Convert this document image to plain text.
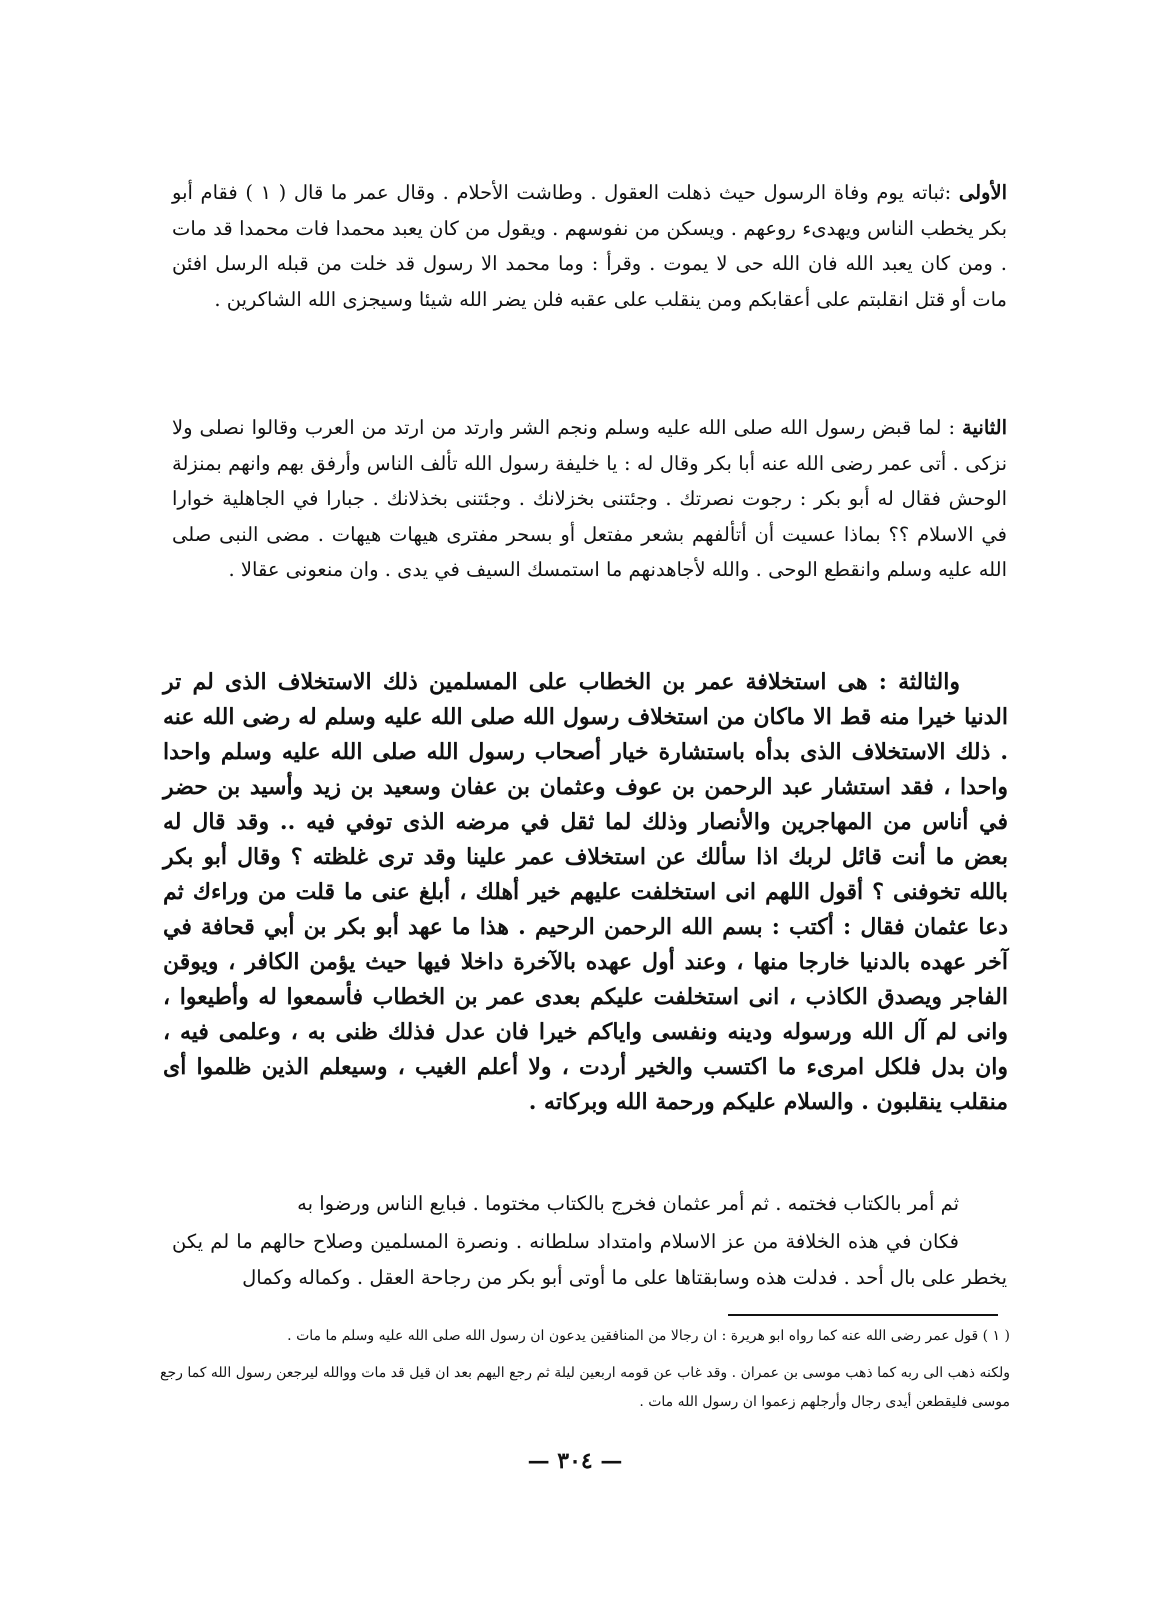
الأولى :ثباته يوم وفاة الرسول حيث ذهلت العقول . وطاشت الأحلام . وقال عمر ما قال ( ١ ) فقام أبو بكر يخطب الناس ويهدىء روعهم . ويسكن من نفوسهم . ويقول من كان يعبد محمدا فات محمدا قد مات . ومن كان يعبد الله فان الله حى لا يموت . وقرأ : وما محمد الا رسول قد خلت من قبله الرسل افئن مات أو قتل انقلبتم على أعقابكم ومن ينقلب على عقبه فلن يضر الله شيئا وسيجزى الله الشاكرين .
الثانية : لما قبض رسول الله صلى الله عليه وسلم ونجم الشر وارتد من ارتد من العرب وقالوا نصلى ولا نزكى . أتى عمر رضى الله عنه أبا بكر وقال له : يا خليفة رسول الله تألف الناس وأرفق بهم وانهم بمنزلة الوحش فقال له أبو بكر : رجوت نصرتك . وجئتنى بخزلانك . وجئتنى بخذلانك . جبارا في الجاهلية خوارا في الاسلام ؟؟ بماذا عسيت أن أتألفهم بشعر مفتعل أو بسحر مفترى هيهات هيهات . مضى النبى صلى الله عليه وسلم وانقطع الوحى . والله لأجاهدنهم ما استمسك السيف في يدى . وان منعونى عقالا .
والثالثة : هى استخلافة عمر بن الخطاب على المسلمين ذلك الاستخلاف الذى لم تر الدنيا خيرا منه قط الا ماكان من استخلاف رسول الله صلى الله عليه وسلم له رضى الله عنه . ذلك الاستخلاف الذى بدأه باستشارة خيار أصحاب رسول الله صلى الله عليه وسلم واحدا واحدا ، فقد استشار عبد الرحمن بن عوف وعثمان بن عفان وسعيد بن زيد وأسيد بن حضر في أناس من المهاجرين والأنصار وذلك لما ثقل في مرضه الذى توفي فيه .. وقد قال له بعض ما أنت قائل لربك اذا سألك عن استخلاف عمر علينا وقد ترى غلظته ؟ وقال أبو بكر بالله تخوفنى ؟ أقول اللهم انى استخلفت عليهم خير أهلك ، أبلغ عنى ما قلت من وراءك ثم دعا عثمان فقال : أكتب : بسم الله الرحمن الرحيم . هذا ما عهد أبو بكر بن أبي قحافة في آخر عهده بالدنيا خارجا منها ، وعند أول عهده بالآخرة داخلا فيها حيث يؤمن الكافر ، ويوقن الفاجر ويصدق الكاذب ، انى استخلفت عليكم بعدى عمر بن الخطاب فأسمعوا له وأطيعوا ، وانى لم آل الله ورسوله ودينه ونفسى واياكم خيرا فان عدل فذلك ظنى به ، وعلمى فيه ، وان بدل فلكل امرىء ما اكتسب والخير أردت ، ولا أعلم الغيب ، وسيعلم الذين ظلموا أى منقلب ينقلبون . والسلام عليكم ورحمة الله وبركاته .
ثم أمر بالكتاب فختمه . ثم أمر عثمان فخرج بالكتاب مختوما . فبايع الناس ورضوا به
فكان في هذه الخلافة من عز الاسلام وامتداد سلطانه . ونصرة المسلمين وصلاح حالهم ما لم يكن يخطر على بال أحد . فدلت هذه وسابقتاها على ما أوتى أبو بكر من رجاحة العقل . وكماله وكمال
( ١ ) قول عمر رضى الله عنه كما رواه ابو هريرة : ان رجالا من المنافقين يدعون ان رسول الله صلى الله عليه وسلم ما مات .
ولكنه ذهب الى ربه كما ذهب موسى بن عمران . وقد غاب عن قومه اربعين ليلة ثم رجع اليهم بعد ان قيل قد مات ووالله ليرجعن رسول الله كما رجع موسى فليقطعن أيدى رجال وأرجلهم زعموا ان رسول الله مات .
— ٣٠٤ —
